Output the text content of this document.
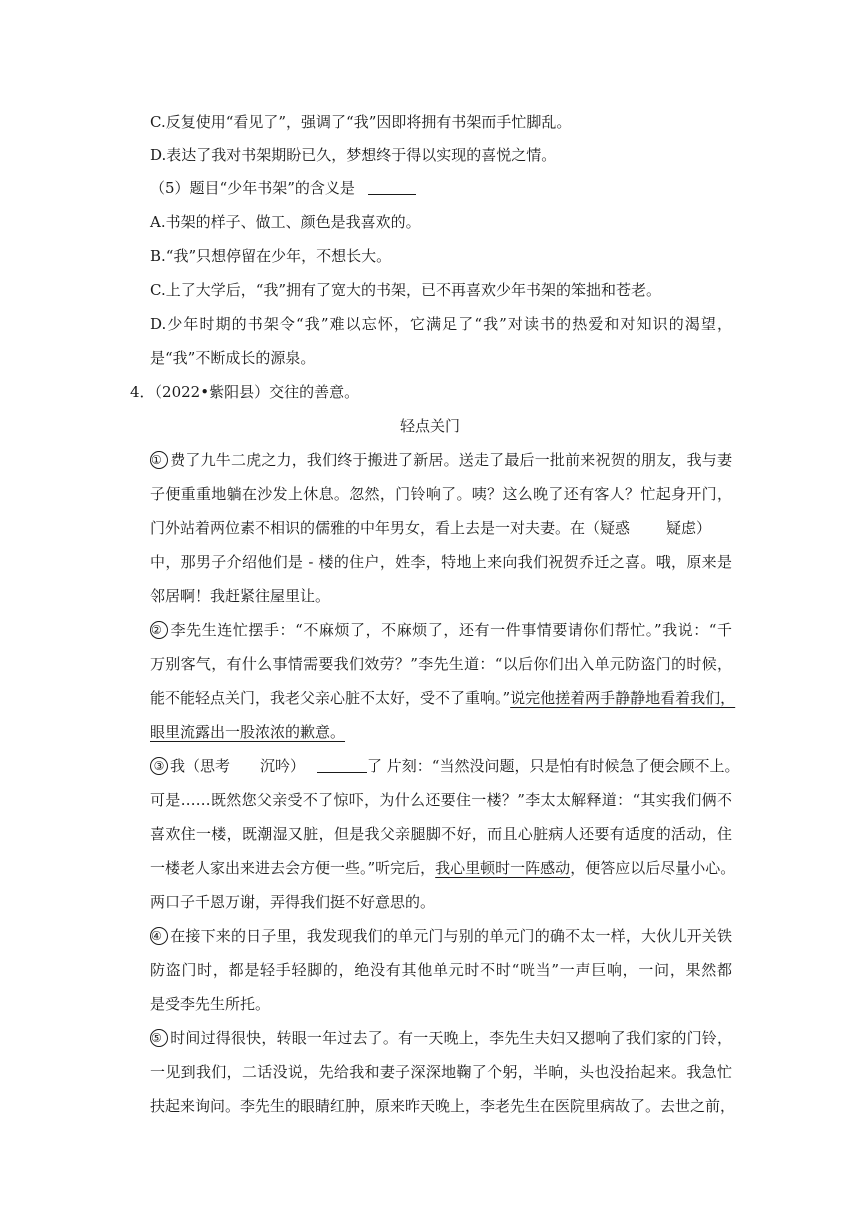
C.反复使用“看见了”，强调了“我”因即将拥有书架而手忙脚乱。
D.表达了我对书架期盼已久，梦想终于得以实现的喜悦之情。
（5）题目“少年书架”的含义是
A.书架的样子、做工、颜色是我喜欢的。
B.“我”只想停留在少年，不想长大。
C.上了大学后，“我”拥有了宽大的书架，已不再喜欢少年书架的笨拙和苍老。
D.少年时期的书架令“我”难以忘怀，它满足了“我”对读书的热爱和对知识的渴望，
是“我”不断成长的源泉。
4．（2022•紫阳县）交往的善意。
轻点关门
① 费了九牛二虎之力，我们终于搬进了新居。送走了最后一批前来祝贺的朋友，我与妻
子便重重地躺在沙发上休息。忽然，门铃响了。咦？这么晚了还有客人？忙起身开门，
门外站着两位素不相识的儒雅的中年男女，看上去是一对夫妻。在（疑惑 疑虑）
中，那男子介绍他们是 - 楼的住户，姓李，特地上来向我们祝贺乔迁之喜。哦，原来是
邻居啊！我赶紧往屋里让。
② 李先生连忙摆手：“不麻烦了，不麻烦了，还有一件事情要请你们帮忙。”我说：“千
万别客气，有什么事情需要我们效劳？”李先生道：“以后你们出入单元防盗门的时候，
能不能轻点关门，我老父亲心脏不太好，受不了重响。”说完他搓着两手静静地看着我们，
眼里流露出一股浓浓的歉意。
③ 我（思考 沉吟）	了 片刻：“当然没问题，只是怕有时候急了便会顾不上。
可是……既然您父亲受不了惊吓，为什么还要住一楼？”李太太解释道：“其实我们俩不
喜欢住一楼，既潮湿又脏，但是我父亲腿脚不好，而且心脏病人还要有适度的活动，住
一楼老人家出来进去会方便一些。”听完后，我心里顿时一阵感动，便答应以后尽量小心。
两口子千恩万谢，弄得我们挺不好意思的。
④ 在接下来的日子里，我发现我们的单元门与别的单元门的确不太一样，大伙儿开关铁
防盗门时，都是轻手轻脚的，绝没有其他单元时不时“咣当”一声巨响，一问，果然都
是受李先生所托。
⑤ 时间过得很快，转眼一年过去了。有一天晚上，李先生夫妇又摁响了我们家的门铃，
一见到我们，二话没说，先给我和妻子深深地鞠了个躬，半晌，头也没抬起来。我急忙
扶起来询问。李先生的眼睛红肿，原来昨天晚上，李老先生在医院里病故了。去世之前，
